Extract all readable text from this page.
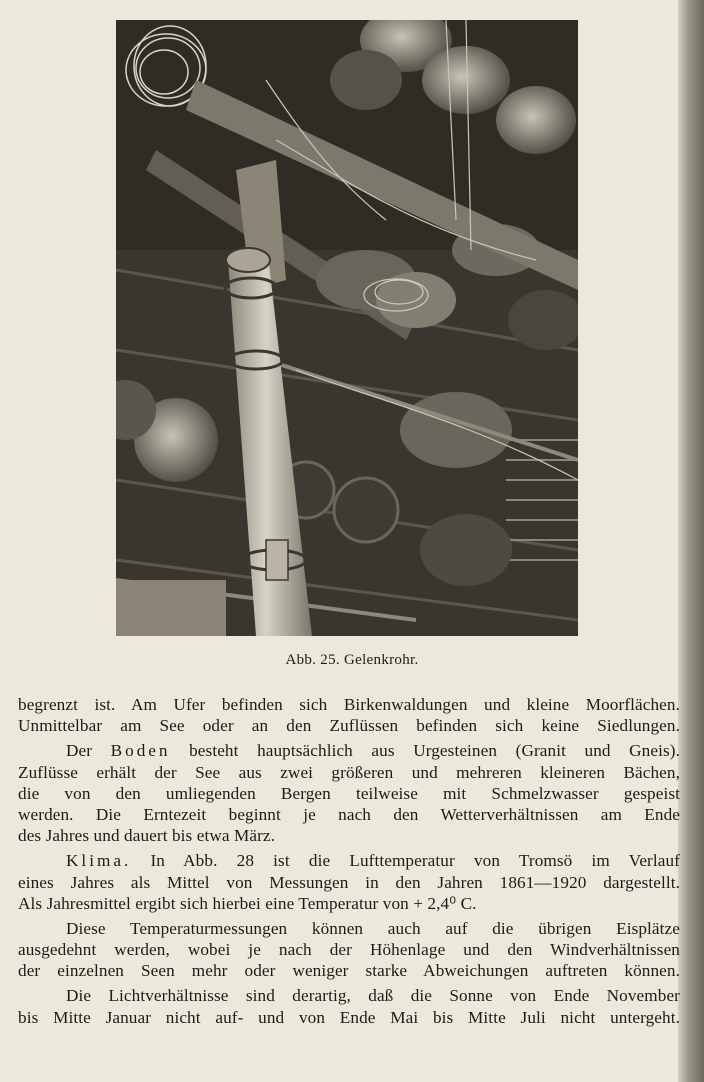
Abb. 25. Gelenkrohr.
begrenzt ist. Am Ufer befinden sich Birkenwaldungen und kleine Moorflächen.
Unmittelbar am See oder an den Zuflüssen befinden sich keine Siedlungen.
Der Boden besteht hauptsächlich aus Urgesteinen (Granit und Gneis).
Zuflüsse erhält der See aus zwei größeren und mehreren kleineren Bächen,
die von den umliegenden Bergen teilweise mit Schmelzwasser gespeist
werden. Die Erntezeit beginnt je nach den Wetterverhältnissen am Ende
des Jahres und dauert bis etwa März.
Klima. In Abb. 28 ist die Lufttemperatur von Tromsö im Verlauf
eines Jahres als Mittel von Messungen in den Jahren 1861—1920 dargestellt.
Als Jahresmittel ergibt sich hierbei eine Temperatur von + 2,4⁰ C.
Diese Temperaturmessungen können auch auf die übrigen Eisplätze
ausgedehnt werden, wobei je nach der Höhenlage und den Windverhältnissen
der einzelnen Seen mehr oder weniger starke Abweichungen auftreten können.
Die Lichtverhältnisse sind derartig, daß die Sonne von Ende November
bis Mitte Januar nicht auf- und von Ende Mai bis Mitte Juli nicht untergeht.
